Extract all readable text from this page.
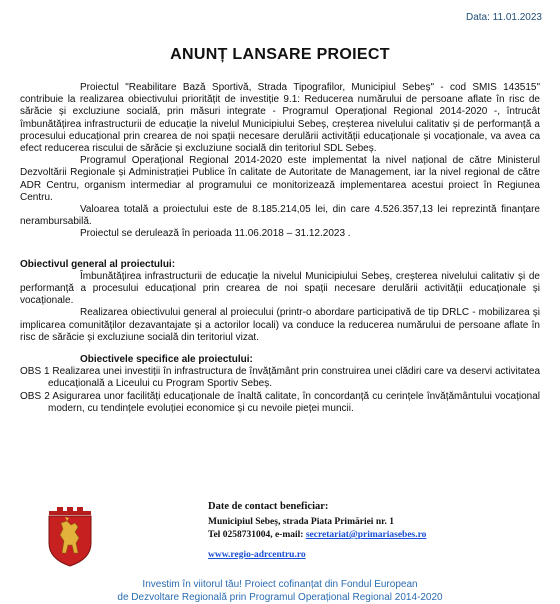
Data: 11.01.2023
ANUNȚ LANSARE PROIECT

Proiectul "Reabilitare Bază Sportivă, Strada Tipografilor, Municipiul Sebeș" - cod SMIS 143515" contribuie la realizarea obiectivului prioritățit de investiție 9.1: Reducerea numărului de persoane aflate în risc de sărăcie și excluziune socială, prin măsuri integrate - Programul Operațional Regional 2014-2020 -, întrucât îmbunătățirea infrastructurii de educație la nivelul Municipiului Sebeș, creșterea nivelului calitativ și de performanță a procesului educațional prin crearea de noi spații necesare derulării activității educaționale și vocaționale, va avea ca efect reducerea riscului de sărăcie și excluziune socială din teritoriul SDL Sebeș.

Programul Operațional Regional 2014-2020 este implementat la nivel național de către Ministerul Dezvoltării Regionale și Administrației Publice în calitate de Autoritate de Management, iar la nivel regional de către ADR Centru, organism intermediar al programului ce monitorizează implementarea acestui proiect în Regiunea Centru.

Valoarea totală a proiectului este de 8.185.214,05 lei, din care 4.526.357,13 lei reprezintă finanțare nerambursabilă.

Proiectul se derulează în perioada 11.06.2018 – 31.12.2023 .

Obiectivul general al proiectului:

Îmbunătățirea infrastructurii de educație la nivelul Municipiului Sebeș, creșterea nivelului calitativ și de performanță a procesului educațional prin crearea de noi spații necesare derulării activității educaționale și vocaționale.

Realizarea obiectivului general al proiecului (printr-o abordare participativă de tip DRLC - mobilizarea și implicarea comunităților dezavantajate și a actorilor locali) va conduce la reducerea numărului de persoane aflate în risc de sărăcie și excluziune socială din teritoriul vizat.

Obiectivele specifice ale proiectului:

OBS 1 Realizarea unei investiții în infrastructura de învățământ prin construirea unei clădiri care va deservi activitatea educațională a Liceului cu Program Sportiv Sebeș.

OBS 2 Asigurarea unor facilități educaționale de înaltă calitate, în concordanță cu cerințele învățământului vocațional modern, cu tendințele evoluției economice și cu nevoile pieței muncii.

Date de contact beneficiar:
Municipiul Sebeș, strada Piata Primăriei nr. 1
Tel 0258731004, e-mail: secretariat@primariasebes.ro
www.regio-adrcentru.ro
Investim în viitorul tău! Proiect cofinanțat din Fondul European
de Dezvoltare Regională prin Programul Operațional Regional 2014-2020
